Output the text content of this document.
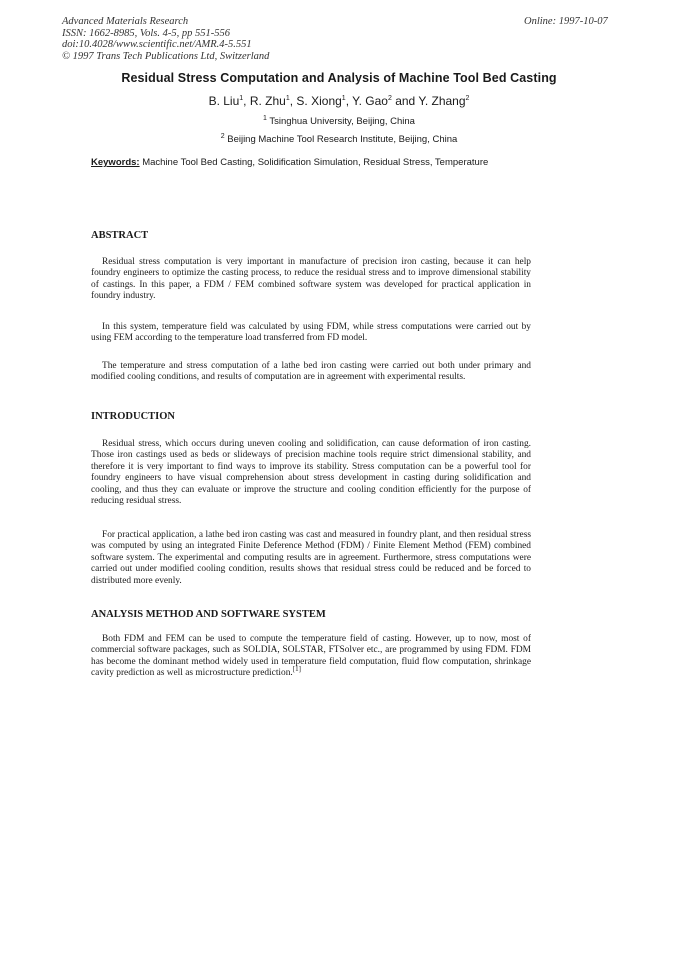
Advanced Materials Research
ISSN: 1662-8985, Vols. 4-5, pp 551-556
doi:10.4028/www.scientific.net/AMR.4-5.551
© 1997 Trans Tech Publications Ltd, Switzerland
Online: 1997-10-07
Residual Stress Computation and Analysis of Machine Tool Bed Casting
B. Liu$^1$, R. Zhu$^1$, S. Xiong$^1$, Y. Gao$^2$ and Y. Zhang$^2$
$^1$ Tsinghua University, Beijing, China
$^2$ Beijing Machine Tool Research Institute, Beijing, China
Keywords: Machine Tool Bed Casting, Solidification Simulation, Residual Stress, Temperature
ABSTRACT
Residual stress computation is very important in manufacture of precision iron casting, because it can help foundry engineers to optimize the casting process, to reduce the residual stress and to improve dimensional stability of castings. In this paper, a FDM / FEM combined software system was developed for practical application in foundry industry.
In this system, temperature field was calculated by using FDM, while stress computations were carried out by using FEM according to the temperature load transferred from FD model.
The temperature and stress computation of a lathe bed iron casting were carried out both under primary and modified cooling conditions, and results of computation are in agreement with experimental results.
INTRODUCTION
Residual stress, which occurs during uneven cooling and solidification, can cause deformation of iron casting. Those iron castings used as beds or slideways of precision machine tools require strict dimensional stability, and therefore it is very important to find ways to improve its stability. Stress computation can be a powerful tool for foundry engineers to have visual comprehension about stress development in casting during solidification and cooling, and thus they can evaluate or improve the structure and cooling condition efficiently for the purpose of reducing residual stress.
For practical application, a lathe bed iron casting was cast and measured in foundry plant, and then residual stress was computed by using an integrated Finite Deference Method (FDM) / Finite Element Method (FEM) combined software system. The experimental and computing results are in agreement. Furthermore, stress computations were carried out under modified cooling condition, results shows that residual stress could be reduced and be forced to distributed more evenly.
ANALYSIS METHOD AND SOFTWARE SYSTEM
Both FDM and FEM can be used to compute the temperature field of casting. However, up to now, most of commercial software packages, such as SOLDIA, SOLSTAR, FTSolver etc., are programmed by using FDM. FDM has become the dominant method widely used in temperature field computation, fluid flow computation, shrinkage cavity prediction as well as microstructure prediction.[1]
